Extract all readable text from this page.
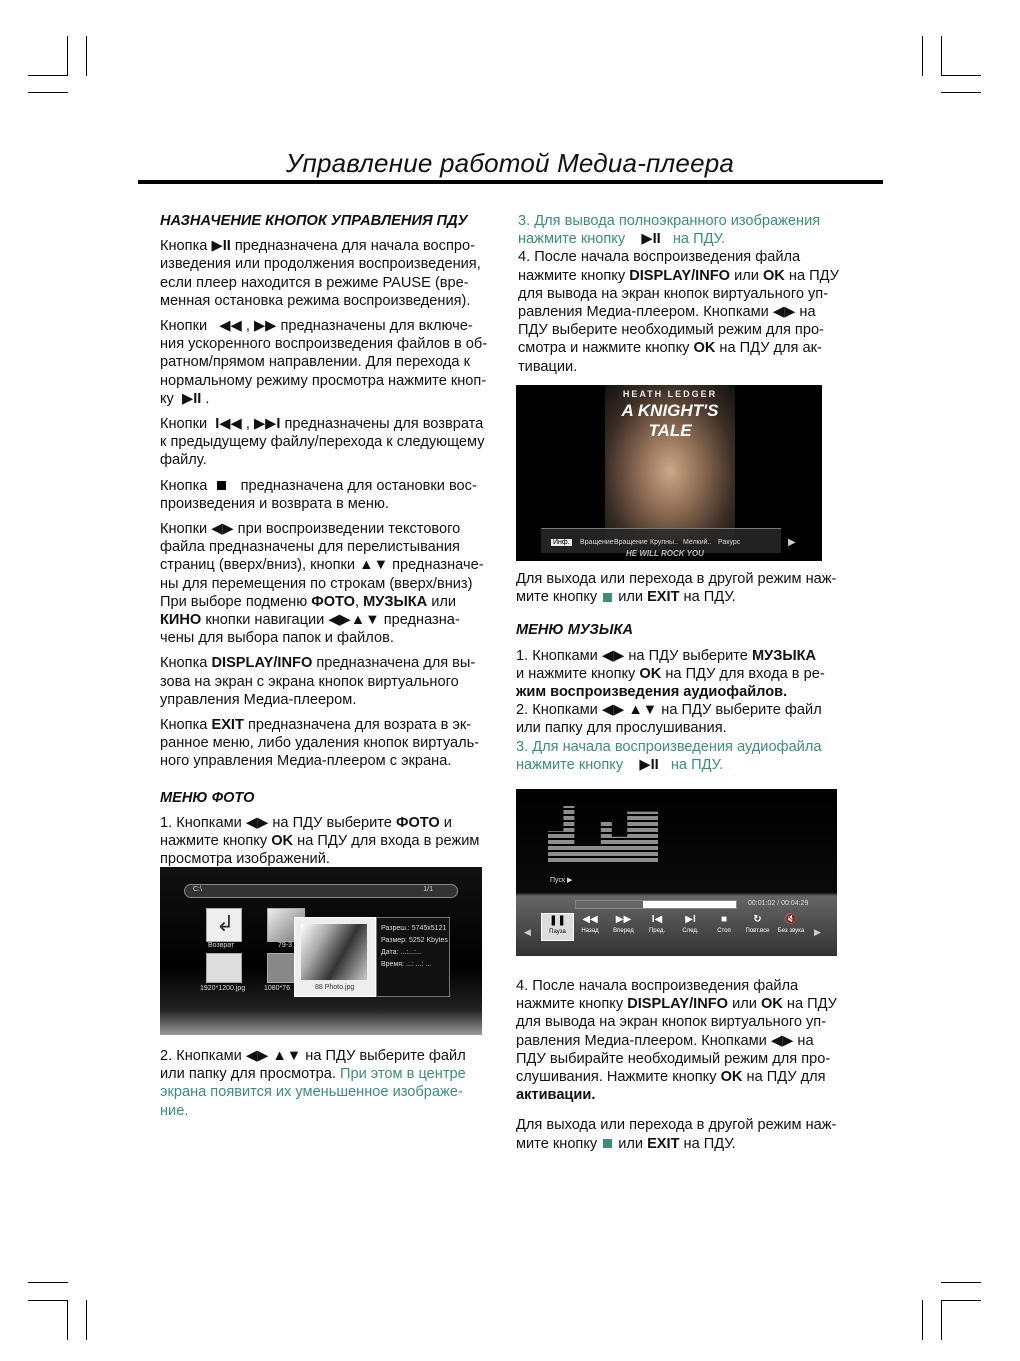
Управление работой Медиа-плеера

НАЗНАЧЕНИЕ КНОПОК УПРАВЛЕНИЯ ПДУ

Кнопка ▶II предназначена для начала воспро-
изведения или продолжения воспроизведения,
если плеер находится в режиме PAUSE (вре-
менная остановка режима воспроизведения).

Кнопки ◀◀ , ▶▶ предназначены для включе-
ния ускоренного воспроизведения файлов в об-
ратном/прямом направлении. Для перехода к
нормальному режиму просмотра нажмите кноп-
ку ▶II .

Кнопки I◀◀ , ▶▶I предназначены для возврата
к предыдущему файлу/перехода к следующему
файлу.

Кнопка предназначена для остановки вос-
произведения и возврата в меню.

Кнопки ◀▶ при воспроизведении текстового
файла предназначены для перелистывания
страниц (вверх/вниз), кнопки ▲▼ предназначе-
ны для перемещения по строкам (вверх/вниз)
При выборе подменю ФОТО, МУЗЫКА или
КИНО кнопки навигации ◀▶▲▼ предназна-
чены для выбора папок и файлов.

Кнопка DISPLAY/INFO предназначена для вы-
зова на экран с экрана кнопок виртуального
управления Медиа-плеером.

Кнопка EXIT предназначена для возрата в эк-
ранное меню, либо удаления кнопок виртуаль-
ного управления Медиа-плеером с экрана.

МЕНЮ ФОТО

1. Кнопками ◀▶ на ПДУ выберите ФОТО и
нажмите кнопку OK на ПДУ для входа в режим
просмотра изображений.

C:\	1/1
↲
Возврат	79-3
1920*1200.jpg	1080*76	88 Photo.jpg
Разреш.: 5745x5121
Размер: 5252 Kbytes
Дата: ...:...:...
Время: ...: ...: ...

2. Кнопками ◀▶ ▲▼ на ПДУ выберите файл
или папку для просмотра. При этом в центре
экрана появится их уменьшенное изображе-
ние.

3. Для вывода полноэкранного изображения
нажмите кнопку ▶II на ПДУ.

4. После начала воспроизведения файла
нажмите кнопку DISPLAY/INFO или OK на ПДУ
для вывода на экран кнопок виртуального уп-
равления Медиа-плеером. Кнопками ◀▶ на
ПДУ выберите необходимый режим для про-
смотра и нажмите кнопку OK на ПДУ для ак-
тивации.

HEATH LEDGER
A KNIGHT'S TALE
HE WILL ROCK YOU
Инф. Вращение Вращение Крупны.. Мелкий.. Ракурс	▶

Для выхода или перехода в другой режим наж-
мите кнопку или EXIT на ПДУ.

МЕНЮ МУЗЫКА

1. Кнопками ◀▶ на ПДУ выберите МУЗЫКА
и нажмите кнопку OK на ПДУ для входа в ре-
жим воспроизведения аудиофайлов.

2. Кнопками ◀▶ ▲▼ на ПДУ выберите файл
или папку для прослушивания.

3. Для начала воспроизведения аудиофайла
нажмите кнопку ▶II на ПДУ.

Пуск ▶
00:01:02 / 00:04:29
◀	▶
❚❚
Пауза
◀◀
Назад
▶▶
Вперед
I◀
Пред.
▶I
След.
■
Стоп
↻
Повт.все
🔇
Без звука

4. После начала воспроизведения файла
нажмите кнопку DISPLAY/INFO или OK на ПДУ
для вывода на экран кнопок виртуального уп-
равления Медиа-плеером. Кнопками ◀▶ на
ПДУ выбирайте необходимый режим для про-
слушивания. Нажмите кнопку OK на ПДУ для
активации.

Для выхода или перехода в другой режим наж-
мите кнопку или EXIT на ПДУ.
